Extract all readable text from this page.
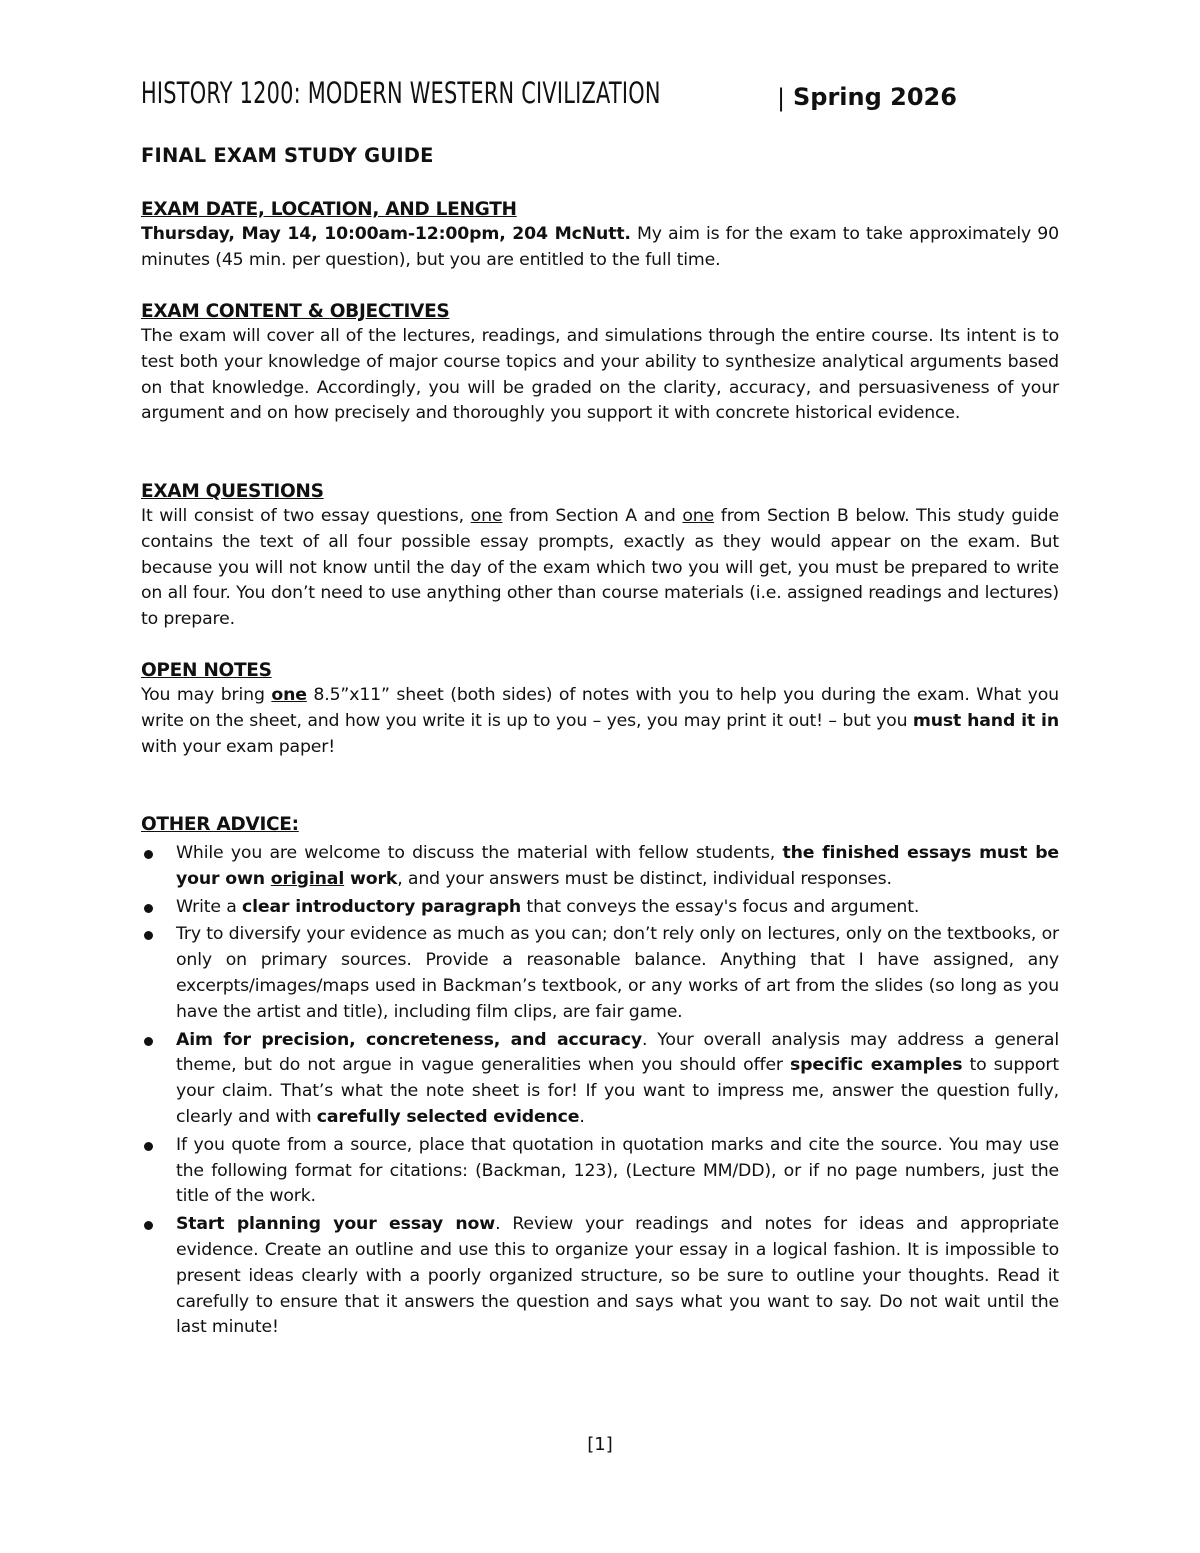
HISTORY 1200: MODERN WESTERN CIVILIZATION	| Spring 2026
FINAL EXAM STUDY GUIDE
EXAM DATE, LOCATION, AND LENGTH
Thursday, May 14, 10:00am-12:00pm, 204 McNutt. My aim is for the exam to take approximately 90 minutes (45 min. per question), but you are entitled to the full time.
EXAM CONTENT & OBJECTIVES
The exam will cover all of the lectures, readings, and simulations through the entire course. Its intent is to test both your knowledge of major course topics and your ability to synthesize analytical arguments based on that knowledge. Accordingly, you will be graded on the clarity, accuracy, and persuasiveness of your argument and on how precisely and thoroughly you support it with concrete historical evidence.
EXAM QUESTIONS
It will consist of two essay questions, one from Section A and one from Section B below. This study guide contains the text of all four possible essay prompts, exactly as they would appear on the exam. But because you will not know until the day of the exam which two you will get, you must be prepared to write on all four. You don’t need to use anything other than course materials (i.e. assigned readings and lectures) to prepare.
OPEN NOTES
You may bring one 8.5”x11” sheet (both sides) of notes with you to help you during the exam. What you write on the sheet, and how you write it is up to you – yes, you may print it out! – but you must hand it in with your exam paper!
OTHER ADVICE:
While you are welcome to discuss the material with fellow students, the finished essays must be your own original work, and your answers must be distinct, individual responses.
Write a clear introductory paragraph that conveys the essay's focus and argument.
Try to diversify your evidence as much as you can; don’t rely only on lectures, only on the textbooks, or only on primary sources. Provide a reasonable balance. Anything that I have assigned, any excerpts/images/maps used in Backman’s textbook, or any works of art from the slides (so long as you have the artist and title), including film clips, are fair game.
Aim for precision, concreteness, and accuracy. Your overall analysis may address a general theme, but do not argue in vague generalities when you should offer specific examples to support your claim. That’s what the note sheet is for! If you want to impress me, answer the question fully, clearly and with carefully selected evidence.
If you quote from a source, place that quotation in quotation marks and cite the source. You may use the following format for citations: (Backman, 123), (Lecture MM/DD), or if no page numbers, just the title of the work.
Start planning your essay now. Review your readings and notes for ideas and appropriate evidence. Create an outline and use this to organize your essay in a logical fashion. It is impossible to present ideas clearly with a poorly organized structure, so be sure to outline your thoughts. Read it carefully to ensure that it answers the question and says what you want to say. Do not wait until the last minute!
[1]
